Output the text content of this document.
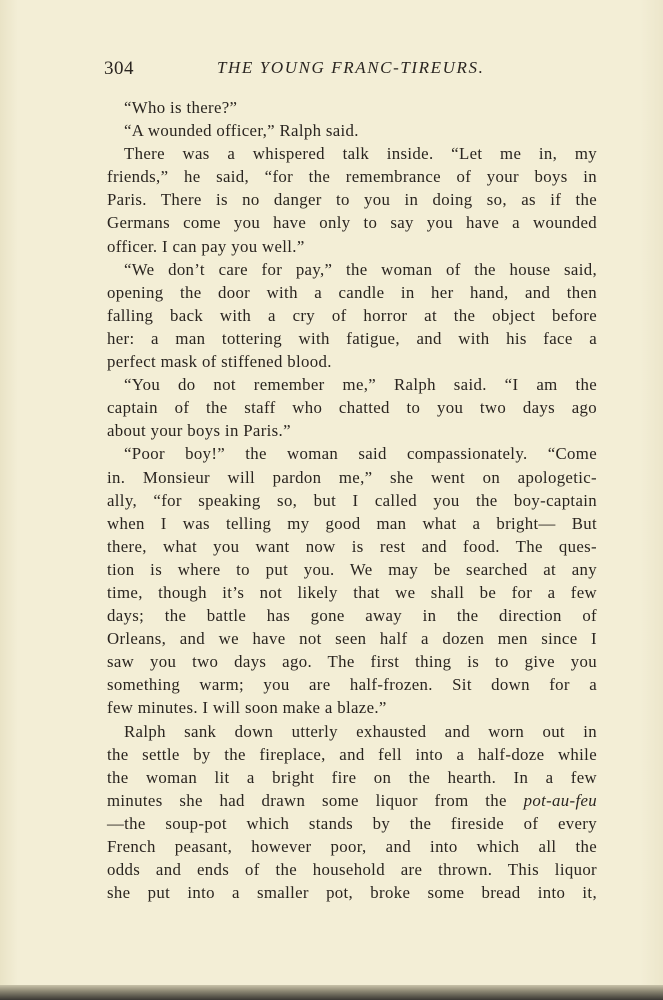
304	THE YOUNG FRANC-TIREURS.
“Who is there?”
“A wounded officer,” Ralph said.
There was a whispered talk inside. “Let me in, my
friends,” he said, “for the remembrance of your boys in
Paris. There is no danger to you in doing so, as if the
Germans come you have only to say you have a wounded
officer. I can pay you well.”
“We don’t care for pay,” the woman of the house said,
opening the door with a candle in her hand, and then
falling back with a cry of horror at the object before
her: a man tottering with fatigue, and with his face a
perfect mask of stiffened blood.
“You do not remember me,” Ralph said. “I am the
captain of the staff who chatted to you two days ago
about your boys in Paris.”
“Poor boy!” the woman said compassionately. “Come
in. Monsieur will pardon me,” she went on apologetic-
ally, “for speaking so, but I called you the boy-captain
when I was telling my good man what a bright— But
there, what you want now is rest and food. The ques-
tion is where to put you. We may be searched at any
time, though it’s not likely that we shall be for a few
days; the battle has gone away in the direction of
Orleans, and we have not seen half a dozen men since I
saw you two days ago. The first thing is to give you
something warm; you are half-frozen. Sit down for a
few minutes. I will soon make a blaze.”
Ralph sank down utterly exhausted and worn out in
the settle by the fireplace, and fell into a half-doze while
the woman lit a bright fire on the hearth. In a few
minutes she had drawn some liquor from the pot-au-feu
—the soup-pot which stands by the fireside of every
French peasant, however poor, and into which all the
odds and ends of the household are thrown. This liquor
she put into a smaller pot, broke some bread into it,
